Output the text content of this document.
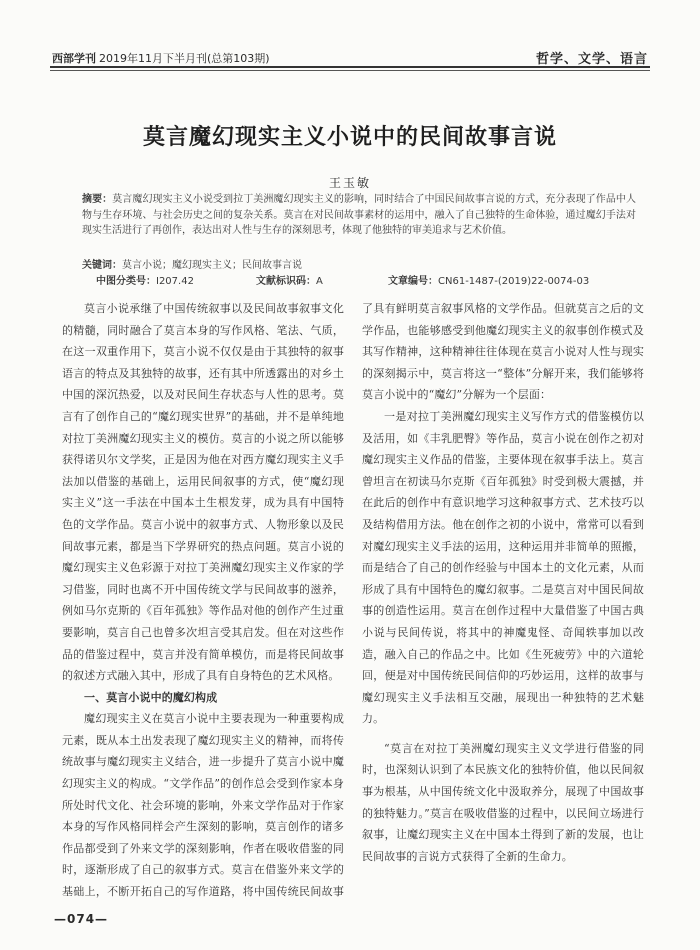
西部学刊 2019年11月下半月刊(总第103期)	哲学、文学、语言
莫言魔幻现实主义小说中的民间故事言说
王玉敏
摘要：莫言魔幻现实主义小说受到拉丁美洲魔幻现实主义的影响，同时结合了中国民间故事言说的方式，充分表现了作品中人物与生存环境、与社会历史之间的复杂关系。莫言在对民间故事素材的运用中，融入了自己独特的生命体验，通过魔幻手法对现实生活进行了再创作，表达出对人性与生存的深刻思考，体现了他独特的审美追求与艺术价值。
关键词：莫言小说；魔幻现实主义；民间故事言说
中图分类号：I207.42	文献标识码：A	文章编号：CN61-1487-(2019)22-0074-03

莫言小说承继了中国传统叙事以及民间故事叙事文化的精髓，同时融合了莫言本身的写作风格、笔法、气质，在这一双重作用下，莫言小说不仅仅是由于其独特的叙事语言的特点及其独特的故事，还有其中所透露出的对乡土中国的深沉热爱，以及对民间生存状态与人性的思考。莫言有了创作自己的“魔幻现实世界”的基础，并不是单纯地对拉丁美洲魔幻现实主义的模仿。莫言的小说之所以能够获得诺贝尔文学奖，正是因为他在对西方魔幻现实主义手法加以借鉴的基础上，运用民间叙事的方式，使“魔幻现实主义”这一手法在中国本土生根发芽，成为具有中国特色的文学作品。莫言小说中的叙事方式、人物形象以及民间故事元素，都是当下学界研究的热点问题。莫言小说的魔幻现实主义色彩源于对拉丁美洲魔幻现实主义作家的学习借鉴，同时也离不开中国传统文学与民间故事的滋养，例如马尔克斯的《百年孤独》等作品对他的创作产生过重要影响，莫言自己也曾多次坦言受其启发。但在对这些作品的借鉴过程中，莫言并没有简单模仿，而是将民间故事的叙述方式融入其中，形成了具有自身特色的艺术风格。

一、莫言小说中的魔幻构成

魔幻现实主义在莫言小说中主要表现为一种重要构成元素，既从本土出发表现了魔幻现实主义的精神，而将传统故事与魔幻现实主义结合，进一步提升了莫言小说中魔幻现实主义的构成。“文学作品”的创作总会受到作家本身所处时代文化、社会环境的影响，外来文学作品对于作家本身的写作风格同样会产生深刻的影响，莫言创作的诸多作品都受到了外来文学的深刻影响，作者在吸收借鉴的同时，逐渐形成了自己的叙事方式。莫言在借鉴外来文学的基础上，不断开拓自己的写作道路，将中国传统民间故事

了具有鲜明莫言叙事风格的文学作品。但就莫言之后的文学作品，也能够感受到他魔幻现实主义的叙事创作模式及其写作精神，这种精神往往体现在莫言小说对人性与现实的深刻揭示中，莫言将这一“整体”分解开来，我们能够将莫言小说中的“魔幻”分解为一个层面：

一是对拉丁美洲魔幻现实主义写作方式的借鉴模仿以及活用，如《丰乳肥臀》等作品，莫言小说在创作之初对魔幻现实主义作品的借鉴，主要体现在叙事手法上。莫言曾坦言在初读马尔克斯《百年孤独》时受到极大震撼，并在此后的创作中有意识地学习这种叙事方式、艺术技巧以及结构借用方法。他在创作之初的小说中，常常可以看到对魔幻现实主义手法的运用，这种运用并非简单的照搬，而是结合了自己的创作经验与中国本土的文化元素，从而形成了具有中国特色的魔幻叙事。二是莫言对中国民间故事的创造性运用。莫言在创作过程中大量借鉴了中国古典小说与民间传说，将其中的神魔鬼怪、奇闻轶事加以改造，融入自己的作品之中。比如《生死疲劳》中的六道轮回，便是对中国传统民间信仰的巧妙运用，这样的故事与魔幻现实主义手法相互交融，展现出一种独特的艺术魅力。

“莫言在对拉丁美洲魔幻现实主义文学进行借鉴的同时，也深刻认识到了本民族文化的独特价值，他以民间叙事为根基，从中国传统文化中汲取养分，展现了中国故事的独特魅力。”莫言在吸收借鉴的过程中，以民间立场进行叙事，让魔幻现实主义在中国本土得到了新的发展，也让民间故事的言说方式获得了全新的生命力。

—074—
